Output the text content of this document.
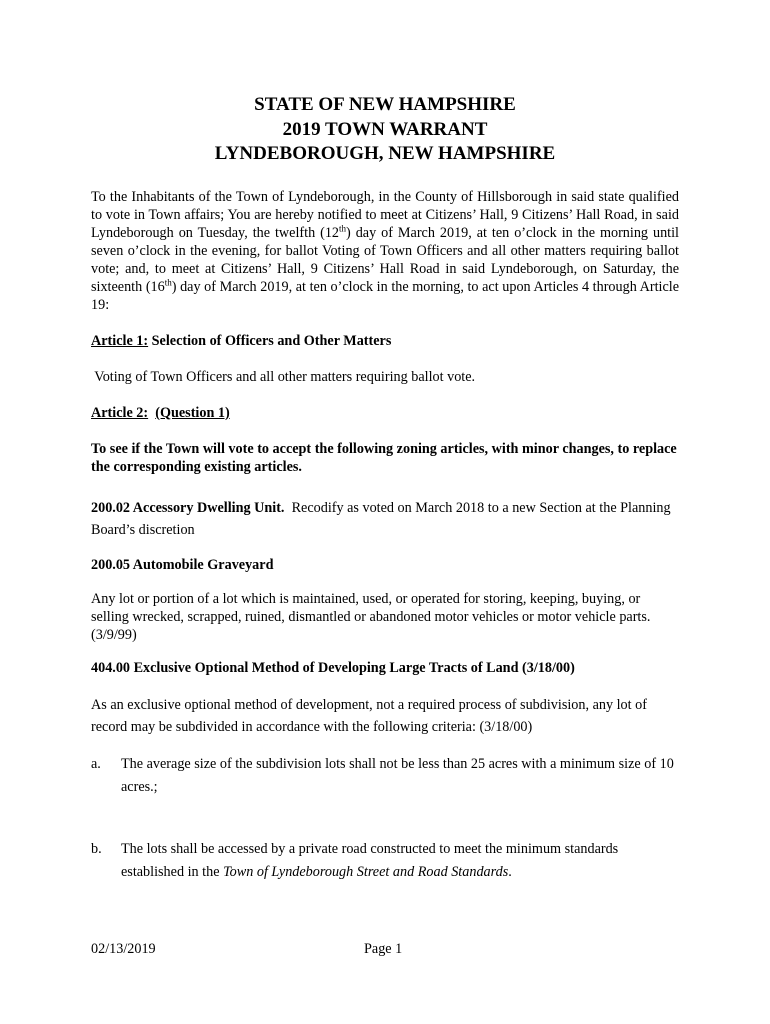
STATE OF NEW HAMPSHIRE
2019 TOWN WARRANT
LYNDEBOROUGH, NEW HAMPSHIRE
To the Inhabitants of the Town of Lyndeborough, in the County of Hillsborough in said state qualified to vote in Town affairs; You are hereby notified to meet at Citizens’ Hall, 9 Citizens’ Hall Road, in said Lyndeborough on Tuesday, the twelfth (12th) day of March 2019, at ten o’clock in the morning until seven o’clock in the evening, for ballot Voting of Town Officers and all other matters requiring ballot vote; and, to meet at Citizens’ Hall, 9 Citizens’ Hall Road in said Lyndeborough, on Saturday, the sixteenth (16th) day of March 2019, at ten o’clock in the morning, to act upon Articles 4 through Article 19:
Article 1: Selection of Officers and Other Matters
Voting of Town Officers and all other matters requiring ballot vote.
Article 2: (Question 1)
To see if the Town will vote to accept the following zoning articles, with minor changes, to replace the corresponding existing articles.
200.02 Accessory Dwelling Unit.  Recodify as voted on March 2018 to a new Section at the Planning Board’s discretion
200.05 Automobile Graveyard
Any lot or portion of a lot which is maintained, used, or operated for storing, keeping, buying, or selling wrecked, scrapped, ruined, dismantled or abandoned motor vehicles or motor vehicle parts. (3/9/99)
404.00 Exclusive Optional Method of Developing Large Tracts of Land (3/18/00)
As an exclusive optional method of development, not a required process of subdivision, any lot of record may be subdivided in accordance with the following criteria: (3/18/00)
a. The average size of the subdivision lots shall not be less than 25 acres with a minimum size of 10 acres.;
b. The lots shall be accessed by a private road constructed to meet the minimum standards established in the Town of Lyndeborough Street and Road Standards.
02/13/2019	Page 1
